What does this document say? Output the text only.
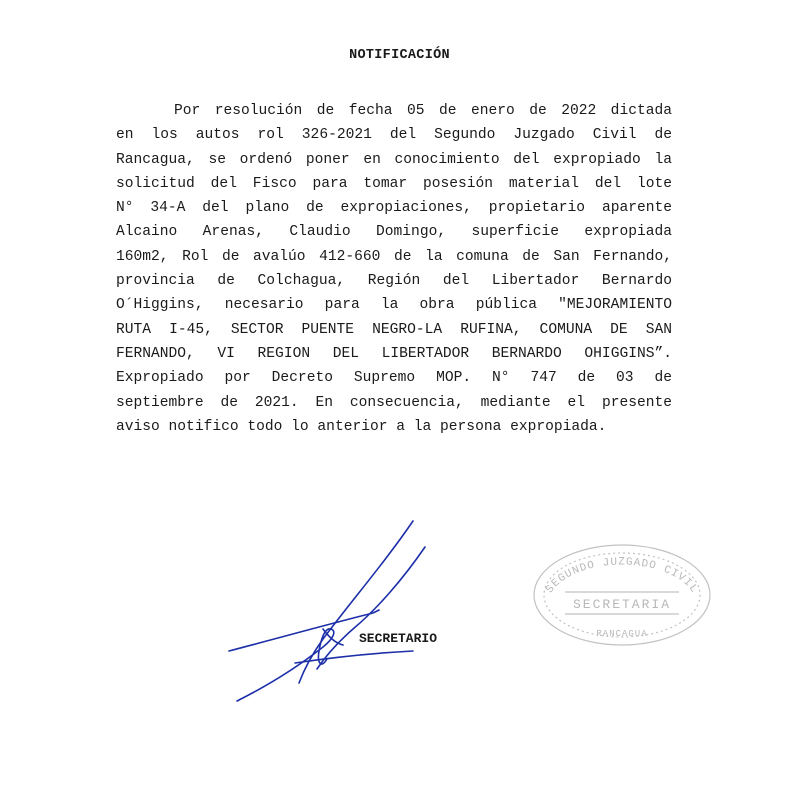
NOTIFICACIÓN
Por resolución de fecha 05 de enero de 2022 dictada
en los autos rol 326-2021 del Segundo Juzgado Civil de
Rancagua, se ordenó poner en conocimiento del expropiado la
solicitud del Fisco para tomar posesión material del lote
N° 34-A del plano de expropiaciones, propietario aparente
Alcaino Arenas, Claudio Domingo, superficie expropiada
160m2, Rol de avalúo 412-660 de la comuna de San Fernando,
provincia de Colchagua, Región del Libertador Bernardo
O´Higgins, necesario para la obra pública "MEJORAMIENTO
RUTA I-45, SECTOR PUENTE NEGRO-LA RUFINA, COMUNA DE SAN
FERNANDO, VI REGION DEL LIBERTADOR BERNARDO OHIGGINS”.
Expropiado por Decreto Supremo MOP. N° 747 de 03 de
septiembre de 2021. En consecuencia, mediante el presente
aviso notifico todo lo anterior a la persona expropiada.
SECRETARIO
SEGUNDO JUZGADO CIVIL
SECRETARIA
RANCAGUA
